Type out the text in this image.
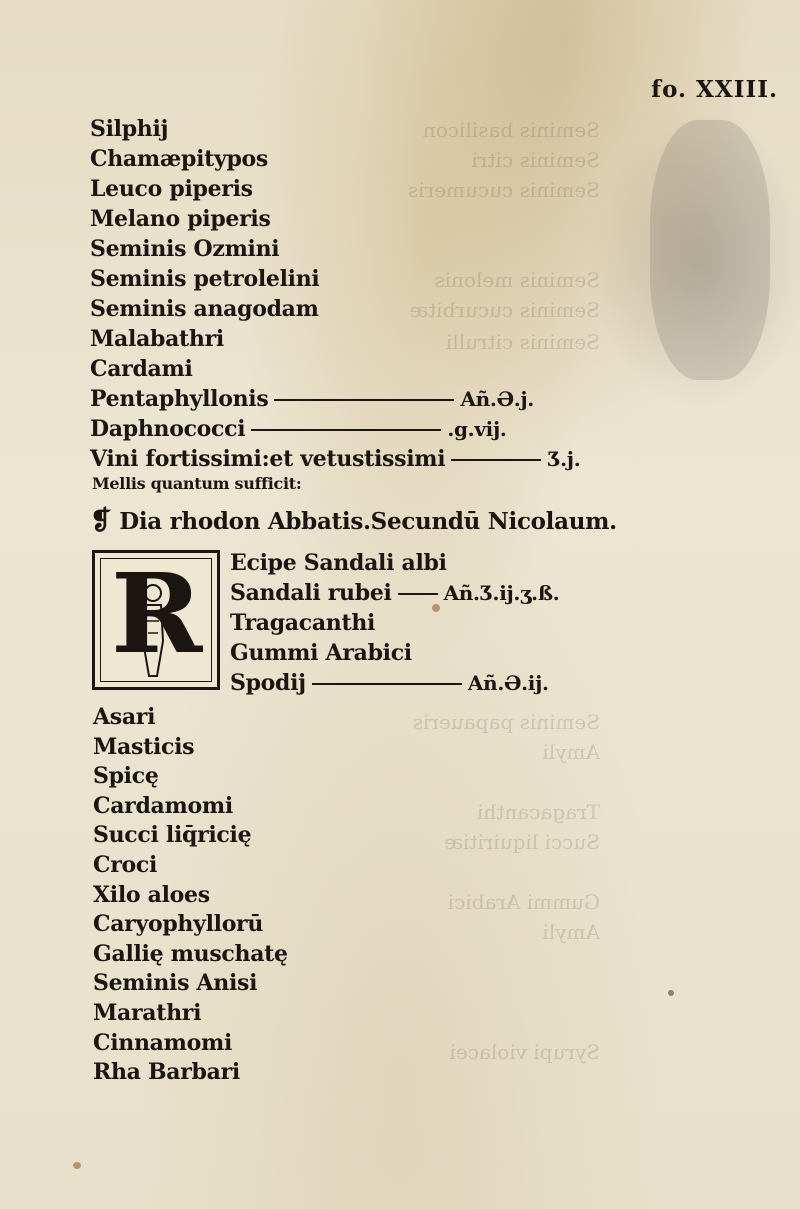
Seminis basilicon
Seminis citri
Seminis cucumeris
Seminis melonis
Seminis cucurbitæ
Seminis citrulli
Seminis papaueris
Amyli
Tragacanthi
Succi liquiritiæ
Gummi Arabici
Amyli
Syrupi violacei
fo. XXIII.
Silphij
Chamæpitypos
Leuco piperis
Melano piperis
Seminis Ozmini
Seminis petrolelini
Seminis anagodam
Malabathri
Cardami
Pentaphyllonis	Añ.Ə.j.
Daphnococci	.g.vij.
Vini fortissimi:et vetustissimi	Ʒ.j.
Mellis quantum sufficit:
Ecipe Sandali albi
Sandali rubei	Añ.Ʒ.ij.ʒ.ß.
Tragacanthi
Gummi Arabici
Spodij	Añ.Ə.ij.
Asari
Masticis
Spicę
Cardamomi
Succi liq̄ricię
Croci
Xilo aloes
Caryophyllorū
Gallię muschatę
Seminis Anisi
Marathri
Cinnamomi
Rha Barbari
❡ Dia rhodon Abbatis.Secundū Nicolaum.
R
